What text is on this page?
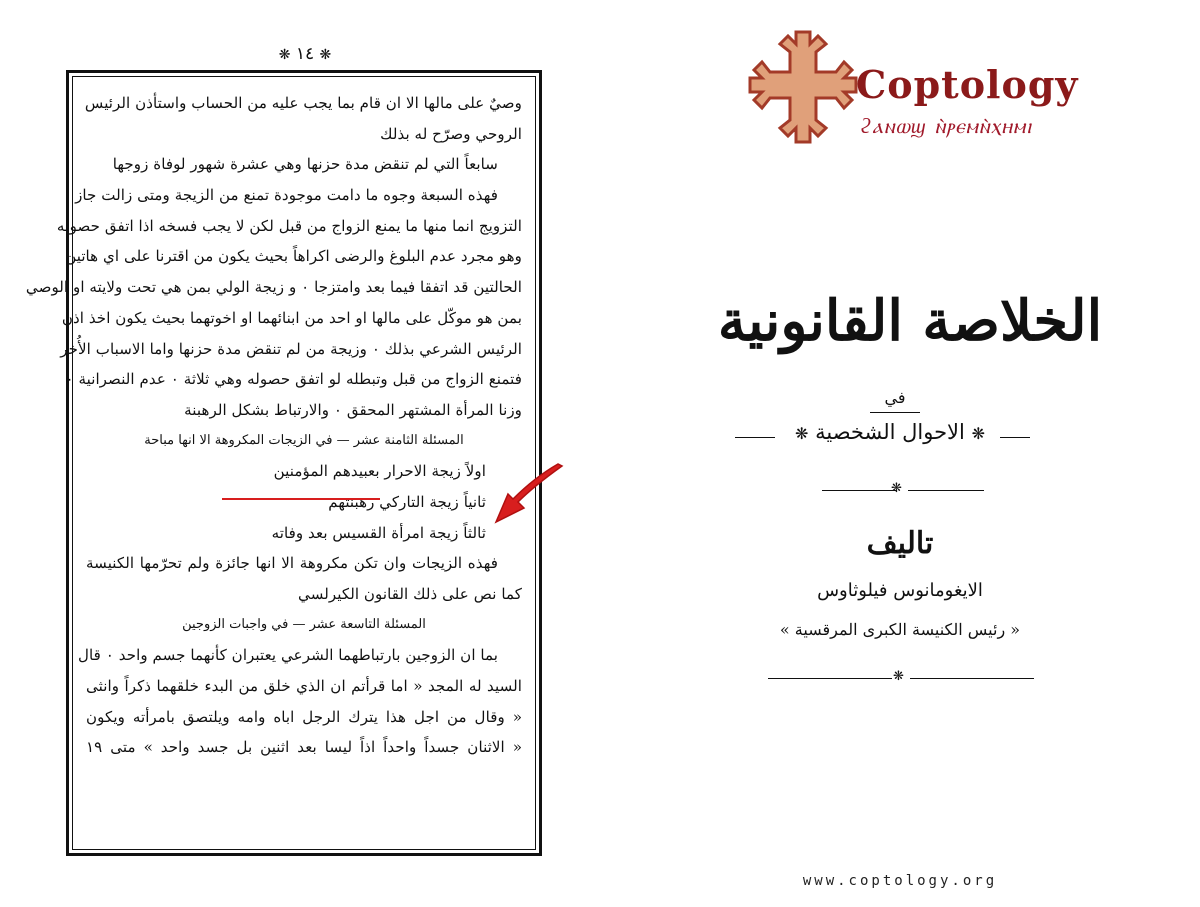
❋ ١٤ ❋
وصيٌ على مالها الا ان قام بما يجب عليه من الحساب واستأذن الرئيس
الروحي وصرّح له بذلك
سابعاً التي لم تنقض مدة حزنها وهي عشرة شهور لوفاة زوجها
فهذه السبعة وجوه ما دامت موجودة تمنع من الزيجة ومتى زالت جاز
التزويج انما منها ما يمنع الزواج من قبل لكن لا يجب فسخه اذا اتفق حصوله
وهو مجرد عدم البلوغ والرضى اكراهاً بحيث يكون من اقترنا على اي هاتين
الحالتين قد اتفقا فيما بعد وامتزجا ٠ و زيجة الولي بمن هي تحت ولايته او الوصي
بمن هو موكّل على مالها او احد من ابنائهما او اخوتهما بحيث يكون اخذ اذن
الرئيس الشرعي بذلك ٠ وزيجة من لم تنقض مدة حزنها واما الاسباب الأُخر
فتمنع الزواج من قبل وتبطله لو اتفق حصوله وهي ثلاثة ٠ عدم النصرانية ٠
وزنا المرأة المشتهر المحقق ٠ والارتباط بشكل الرهبنة
المسئلة الثامنة عشر — في الزيجات المكروهة الا انها مباحة
اولاً زيجة الاحرار بعبيدهم المؤمنين
ثانياً زيجة التاركي رهبنتهم
ثالثاً زيجة امرأة القسيس بعد وفاته
فهذه الزيجات وان تكن مكروهة الا انها جائزة ولم تحرّمها الكنيسة
كما نص على ذلك القانون الكيرلسي
المسئلة التاسعة عشر — في واجبات الزوجين
بما ان الزوجين بارتباطهما الشرعي يعتبران كأنهما جسم واحد ٠ قال
السيد له المجد « اما قرأتم ان الذي خلق من البدء خلقهما ذكراً وانثى
« وقال من اجل هذا يترك الرجل اباه وامه ويلتصق بامرأته ويكون
« الاثنان جسداً واحداً اذاً ليسا بعد اثنين بل جسد واحد » متى ١٩
Coptology
ϩⲁⲛⲱϣ ⲛ̀ⲣⲉⲙⲛ̀ⲭⲏⲙⲓ
الخلاصة القانونية
في
❋ الاحوال الشخصية ❋
❋
تاليف
الايغومانوس فيلوثاوس
« رئيس الكنيسة الكبرى المرقسية »
❋
www.coptology.org
